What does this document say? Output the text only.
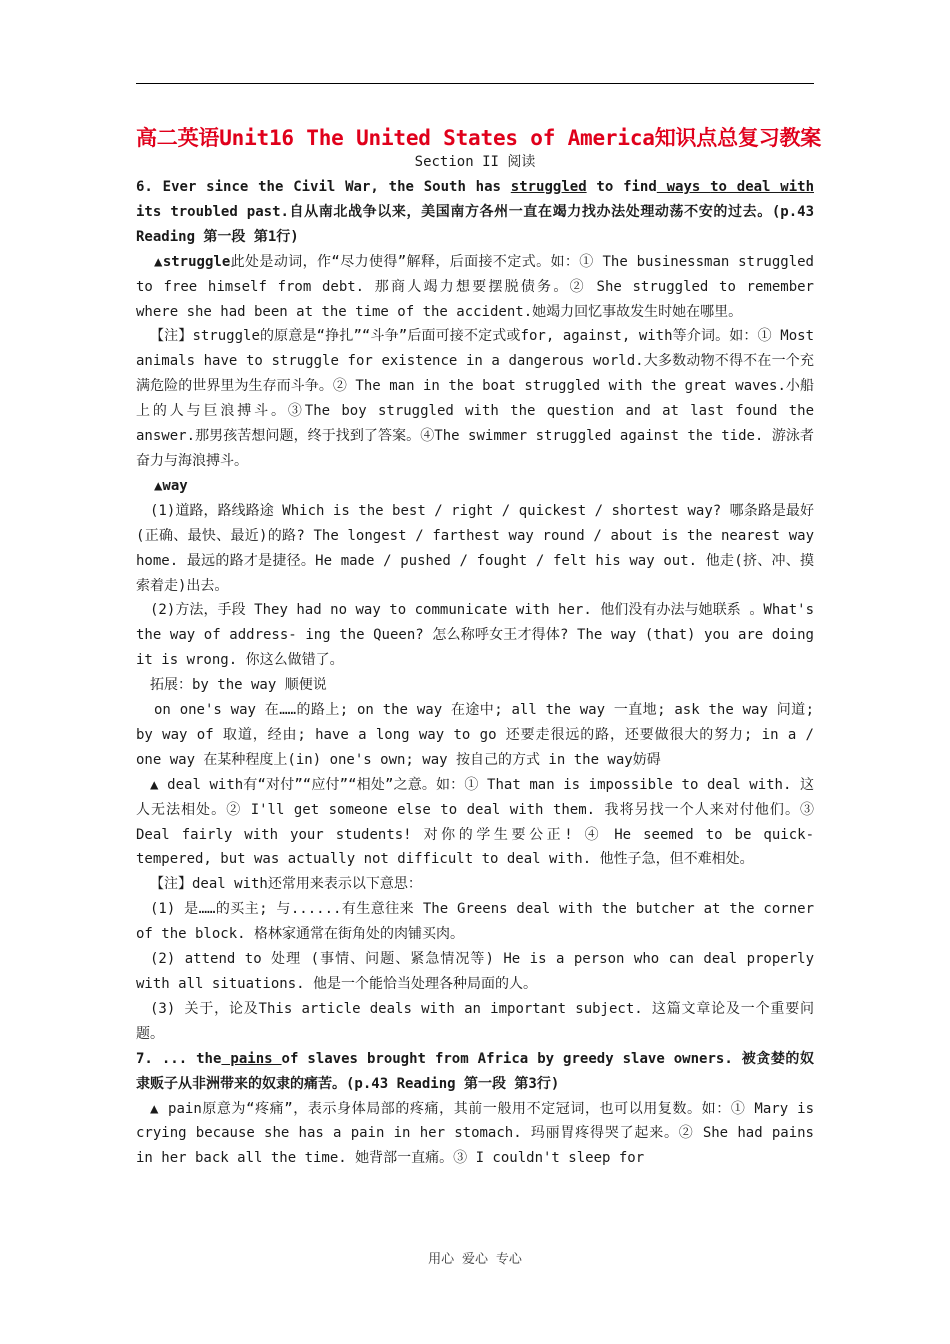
高二英语Unit16 The United States of America知识点总复习教案
Section II 阅读

6. Ever since the Civil War, the South has struggled to find ways to deal with its troubled past.自从南北战争以来，美国南方各州一直在竭力找办法处理动荡不安的过去。(p.43 Reading 第一段 第1行)

▲struggle此处是动词，作“尽力使得”解释，后面接不定式。如：① The businessman struggled to free himself from debt. 那商人竭力想要摆脱债务。② She struggled to remember where she had been at the time of the accident.她竭力回忆事故发生时她在哪里。

【注】struggle的原意是“挣扎”“斗争”后面可接不定式或for, against, with等介词。如：① Most animals have to struggle for existence in a dangerous world.大多数动物不得不在一个充满危险的世界里为生存而斗争。② The man in the boat struggled with the great waves.小船上的人与巨浪搏斗。③The boy struggled with the question and at last found the answer.那男孩苦想问题，终于找到了答案。④The swimmer struggled against the tide. 游泳者奋力与海浪搏斗。

▲way

(1)道路，路线路途 Which is the best / right / quickest / shortest way? 哪条路是最好(正确、最快、最近)的路? The longest / farthest way round / about is the nearest way home. 最远的路才是捷径。He made / pushed / fought / felt his way out. 他走(挤、冲、摸索着走)出去。

(2)方法，手段 They had no way to communicate with her. 他们没有办法与她联系 。What's the way of address- ing the Queen? 怎么称呼女王才得体? The way (that) you are doing it is wrong. 你这么做错了。

拓展：by the way 顺便说

on one's way 在……的路上; on the way 在途中; all the way 一直地; ask the way 问道; by way of 取道，经由; have a long way to go 还要走很远的路，还要做很大的努力; in a / one way 在某种程度上(in) one's own; way 按自己的方式 in the way妨碍

▲ deal with有“对付”“应付”“相处”之意。如：① That man is impossible to deal with. 这人无法相处。② I'll get someone else to deal with them. 我将另找一个人来对付他们。③ Deal fairly with your students! 对你的学生要公正! ④ He seemed to be quick- tempered, but was actually not difficult to deal with. 他性子急，但不难相处。

【注】deal with还常用来表示以下意思：

(1) 是……的买主; 与......有生意往来 The Greens deal with the butcher at the corner of the block. 格林家通常在街角处的肉铺买肉。

(2) attend to 处理 (事情、问题、紧急情况等) He is a person who can deal properly with all situations. 他是一个能恰当处理各种局面的人。

(3) 关于，论及This article deals with an important subject. 这篇文章论及一个重要问题。

7. ... the pains of slaves brought from Africa by greedy slave owners. 被贪婪的奴隶贩子从非洲带来的奴隶的痛苦。(p.43 Reading 第一段 第3行)

▲ pain原意为“疼痛”，表示身体局部的疼痛，其前一般用不定冠词，也可以用复数。如：① Mary is crying because she has a pain in her stomach. 玛丽胃疼得哭了起来。② She had pains in her back all the time. 她背部一直痛。③ I couldn't sleep for

用心 爱心 专心
